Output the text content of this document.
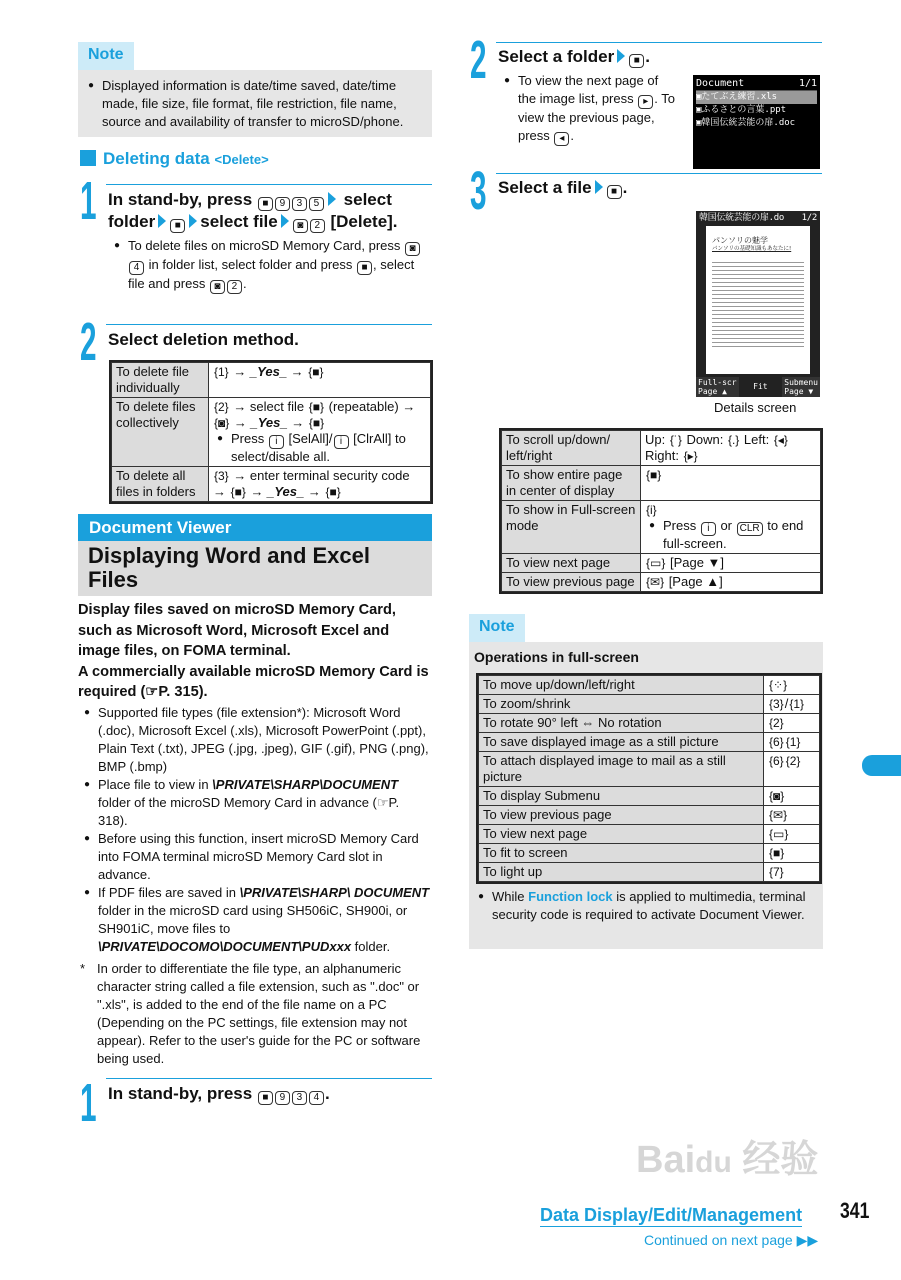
Note
● Displayed information is date/time saved, date/time made, file size, file format, file restriction, file name, source and availability of transfer to microSD/phone.
Deleting data <Delete>
1 In stand-by, press ■ 9 3 5 select folder ■ select file ◙ 2 [Delete].
● To delete files on microSD Memory Card, press ◙4 in folder list, select folder and press ■ , select file and press ◙ 2 .
2 Select deletion method.
To delete file individually	{1} → _Yes_ → {■}

To delete files collectively	{2} → select file {■} (repeatable) → {◙} → _Yes_ → {■}
● Press i [SelAll]/ i [ClrAll] to select/disable all.

To delete all files in folders	{3} → enter terminal security code → {■} → _Yes_ → {■}
Document Viewer
Displaying Word and Excel Files
Display files saved on microSD Memory Card, such as Microsoft Word, Microsoft Excel and image files, on FOMA terminal.
A commercially available microSD Memory Card is required (☞P. 315).
● Supported file types (file extension*): Microsoft Word (.doc), Microsoft Excel (.xls), Microsoft PowerPoint (.ppt), Plain Text (.txt), JPEG (.jpg, .jpeg), GIF (.gif), PNG (.png), BMP (.bmp)
● Place file to view in \PRIVATE\SHARP\DOCUMENT folder of the microSD Memory Card in advance (☞P. 318).
● Before using this function, insert microSD Memory Card into FOMA terminal microSD Memory Card slot in advance.
● If PDF files are saved in \PRIVATE\SHARP\ DOCUMENT folder in the microSD card using SH506iC, SH900i, or SH901iC, move files to \PRIVATE\DOCOMO\DOCUMENT\PUDxxx folder.
* In order to differentiate the file type, an alphanumeric character string called a file extension, such as ".doc" or ".xls", is added to the end of the file name on a PC (Depending on the PC settings, file extension may not appear). Refer to the user's guide for the PC or software being used.
1 In stand-by, press ■ 9 3 4 .
2 Select a folder ■ .
● To view the next page of the image list, press ▸ . To view the previous page, press ◂ .
Document	1/1
▣たてぶえ練習.xls
▣ふるさとの言葉.ppt
▣韓国伝統芸能の扉.doc
3 Select a file ■ .
韓国伝統芸能の扉.do 1/2
パンソリの魅学
パンソリの基礎知識もあなたに!
Full-scr
Page ▲
Fit	Submenu
Page ▼
Details screen
To scroll up/down/ left/right	Up: {˙} Down: {.} Left: {◂} Right: {▸}

To show entire page in center of display	{■}

To show in Full-screen mode	{i}
● Press i or CLR to end full-screen.

To view next page	{▭} [Page ▼]

To view previous page	{✉} [Page ▲]
Note
Operations in full-screen
To move up/down/left/right	{⁘}

To zoom/shrink	{3}/{1}

To rotate 90° left ⇔ No rotation	{2}

To save displayed image as a still picture	{6} {1}

To attach displayed image to mail as a still picture	{6} {2}

To display Submenu	{◙}

To view previous page	{✉}

To view next page	{▭}

To fit to screen	{■}

To light up	{7}
● While Function lock is applied to multimedia, terminal security code is required to activate Document Viewer.
Baidu 经验
Data Display/Edit/Management 341
Continued on next page ▶▶
